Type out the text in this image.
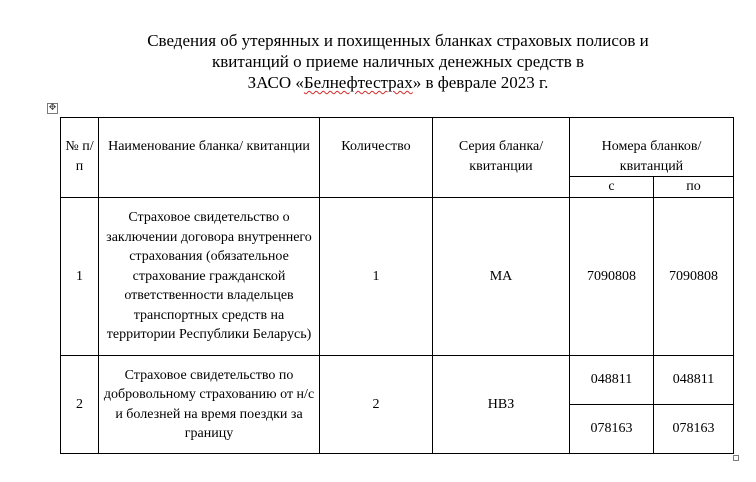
Сведения об утерянных и похищенных бланках страховых полисов и
квитанций о приеме наличных денежных средств в
ЗАСО «Белнефтестрах» в феврале 2023 г.
✥
№ п/п	Наименование бланка/ квитанции	Количество	Серия бланка/ квитанции	Номера бланков/квитанций	
				с	по
1	Страховое свидетельство о заключении договора внутреннего страхования (обязательное страхование гражданской ответственности владельцев транспортных средств на территории Республики Беларусь)	1	МА	7090808	7090808
2	Страховое свидетельство по добровольному страхованию от н/с и болезней на время поездки за границу	2	НВЗ	048811	048811
				078163	078163
